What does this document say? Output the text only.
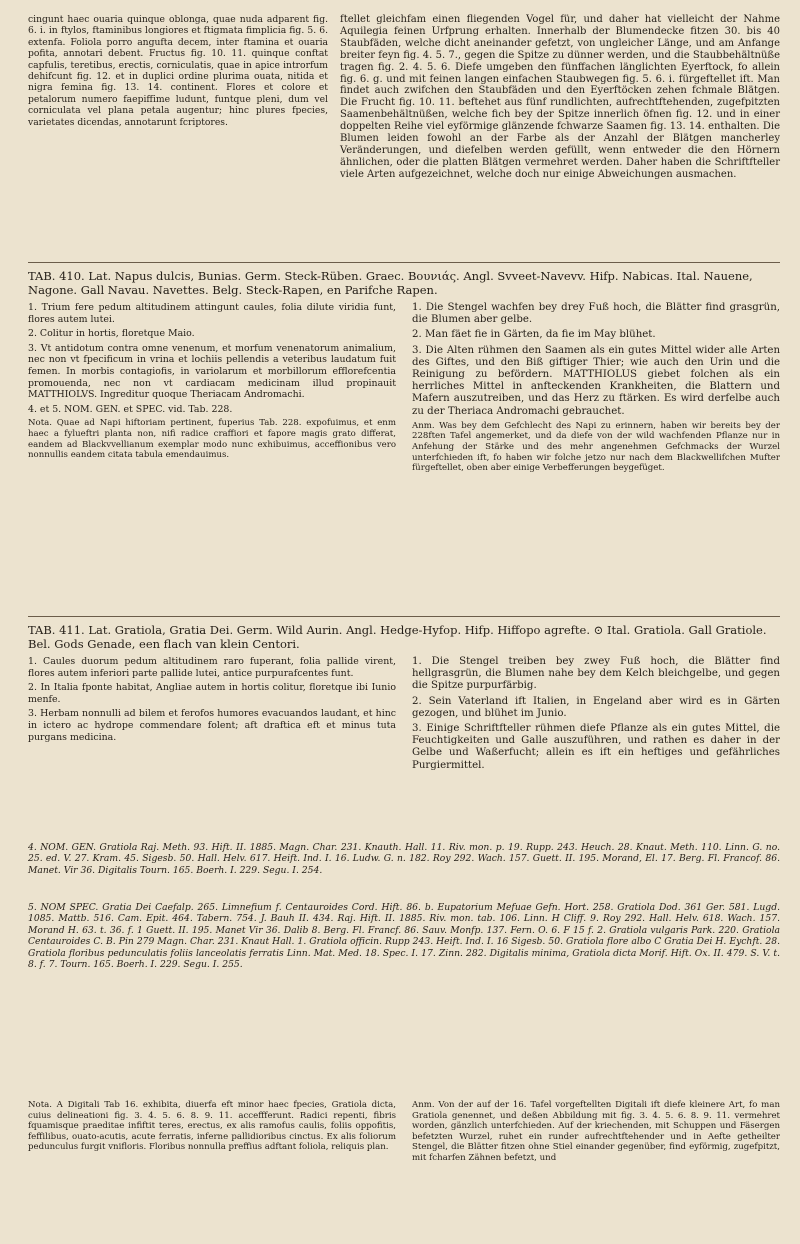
cingunt haec ouaria quinque oblonga, quae nuda adparent fig. 6. i. in ftylos, ftaminibus longiores et ftigmata fimplicia fig. 5. 6. extenfa. Foliola porro angufta decem, inter ftamina et ouaria pofita, annotari debent. Fructus fig. 10. 11. quinque conftat capfulis, teretibus, erectis, corniculatis, quae in apice introrfum dehifcunt fig. 12. et in duplici ordine plurima ouata, nitida et nigra femina fig. 13. 14. continent. Flores et colore et petalorum numero faepiffime ludunt, funtque pleni, dum vel corniculata vel plana petala augentur; hinc plures fpecies, varietates dicendas, annotarunt fcriptores.
ftellet gleichfam einen fliegenden Vogel für, und daher hat vielleicht der Nahme Aquilegia feinen Urfprung erhalten. Innerhalb der Blumendecke fitzen 30. bis 40 Staubfäden, welche dicht aneinander gefetzt, von ungleicher Länge, und am Anfange breiter feyn fig. 4. 5. 7., gegen die Spitze zu dünner werden, und die Staubbehältnüße tragen fig. 2. 4. 5. 6. Diefe umgeben den fünffachen länglichten Eyerftock, fo allein fig. 6. g. und mit feinen langen einfachen Staubwegen fig. 5. 6. i. fürgeftellet ift. Man findet auch zwifchen den Staubfäden und den Eyerftöcken zehen fchmale Blätgen. Die Frucht fig. 10. 11. beftehet aus fünf rundlichten, aufrechtftehenden, zugefpitzten Saamenbehältnüßen, welche fich bey der Spitze innerlich öfnen fig. 12. und in einer doppelten Reihe viel eyförmige glänzende fchwarze Saamen fig. 13. 14. enthalten. Die Blumen leiden fowohl an der Farbe als der Anzahl der Blätgen mancherley Veränderungen, und diefelben werden gefüllt, wenn entweder die den Hörnern ähnlichen, oder die platten Blätgen vermehret werden. Daher haben die Schriftfteller viele Arten aufgezeichnet, welche doch nur einige Abweichungen ausmachen.
TAB. 410. Lat. Napus dulcis, Bunias. Germ. Steck-Rüben. Graec. Βουνιάς. Angl. Svveet-Navevv. Hifp. Nabicas. Ital. Nauene, Nagone. Gall Navau. Navettes. Belg. Steck-Rapen, en Parifche Rapen.

1. Trium fere pedum altitudinem attingunt caules, folia dilute viridia funt, flores autem lutei.

2. Colitur in hortis, floretque Maio.

3. Vt antidotum contra omne venenum, et morfum venenatorum animalium, nec non vt fpecificum in vrina et lochiis pellendis a veteribus laudatum fuit femen. In morbis contagiofis, in variolarum et morbillorum efflorefcentia promouenda, nec non vt cardiacam medicinam illud propinauit MATTHIOLVS. Ingreditur quoque Theriacam Andromachi.

4. et 5. NOM. GEN. et SPEC. vid. Tab. 228.

Nota. Quae ad Napi hiftoriam pertinent, fuperius Tab. 228. expofuimus, et enm haec a fylueftri planta non, nifi radice craffiori et fapore magis grato differat, eandem ad Blackvvellianum exemplar modo nunc exhibuimus, acceffionibus vero nonnullis eandem citata tabula emendauimus.

1. Die Stengel wachfen bey drey Fuß hoch, die Blätter find grasgrün, die Blumen aber gelbe.

2. Man fäet fie in Gärten, da fie im May blühet.

3. Die Alten rühmen den Saamen als ein gutes Mittel wider alle Arten des Giftes, und den Biß giftiger Thier; wie auch den Urin und die Reinigung zu befördern. MATTHIOLUS giebet folchen als ein herrliches Mittel in anfteckenden Krankheiten, die Blattern und Mafern auszutreiben, und das Herz zu ftärken. Es wird derfelbe auch zu der Theriaca Andromachi gebrauchet.

Anm. Was bey dem Gefchlecht des Napi zu erinnern, haben wir bereits bey der 228ften Tafel angemerket, und da diefe von der wild wachfenden Pflanze nur in Anfehung der Stärke und des mehr angenehmen Gefchmacks der Wurzel unterfchieden ift, fo haben wir folche jetzo nur nach dem Blackwellifchen Mufter fürgeftellet, oben aber einige Verbefferungen beygefüget.

TAB. 411. Lat. Gratiola, Gratia Dei. Germ. Wild Aurin. Angl. Hedge-Hyfop. Hifp. Hiffopo agrefte. ⊙ Ital. Gratiola. Gall Gratiole. Bel. Gods Genade, een flach van klein Centori.

1. Caules duorum pedum altitudinem raro fuperant, folia pallide virent, flores autem inferiori parte pallide lutei, antice purpurafcentes funt.

2. In Italia fponte habitat, Angliae autem in hortis colitur, floretque ibi Iunio menfe.

3. Herbam nonnulli ad bilem et ferofos humores evacuandos laudant, et hinc in ictero ac hydrope commendare folent; aft draftica eft et minus tuta purgans medicina.

1. Die Stengel treiben bey zwey Fuß hoch, die Blätter find hellgrasgrün, die Blumen nahe bey dem Kelch bleichgelbe, und gegen die Spitze purpurfärbig.

2. Sein Vaterland ift Italien, in Engeland aber wird es in Gärten gezogen, und blühet im Junio.

3. Einige Schriftfteller rühmen diefe Pflanze als ein gutes Mittel, die Feuchtigkeiten und Galle auszuführen, und rathen es daher in der Gelbe und Waßerfucht; allein es ift ein heftiges und gefährliches Purgiermittel.

4. NOM. GEN. Gratiola Raj. Meth. 93. Hift. II. 1885. Magn. Char. 231. Knauth. Hall. 11. Riv. mon. p. 19. Rupp. 243. Heuch. 28. Knaut. Meth. 110. Linn. G. no. 25. ed. V. 27. Kram. 45. Sigesb. 50. Hall. Helv. 617. Heift. Ind. I. 16. Ludw. G. n. 182. Roy 292. Wach. 157. Guett. II. 195. Morand, El. 17. Berg. Fl. Francof. 86. Manet. Vir 36. Digitalis Tourn. 165. Boerh. I. 229. Segu. I. 254.
5. NOM SPEC. Gratia Dei Caefalp. 265. Limnefium f. Centauroides Cord. Hift. 86. b. Eupatorium Mefuae Gefn. Hort. 258. Gratiola Dod. 361 Ger. 581. Lugd. 1085. Mattb. 516. Cam. Epit. 464. Tabern. 754. J. Bauh II. 434. Raj. Hift. II. 1885. Riv. mon. tab. 106. Linn. H Cliff. 9. Roy 292. Hall. Helv. 618. Wach. 157. Morand H. 63. t. 36. f. 1 Guett. II. 195. Manet Vir 36. Dalib 8. Berg. Fl. Francf. 86. Sauv. Monfp. 137. Fern. O. 6. F 15 f. 2. Gratiola vulgaris Park. 220. Gratiola Centauroides C. B. Pin 279 Magn. Char. 231. Knaut Hall. 1. Gratiola officin. Rupp 243. Heift. Ind. I. 16 Sigesb. 50. Gratiola flore albo C Gratia Dei H. Eychft. 28. Gratiola floribus pedunculatis foliis lanceolatis ferratis Linn. Mat. Med. 18. Spec. I. 17. Zinn. 282. Digitalis minima, Gratiola dicta Morif. Hift. Ox. II. 479. S. V. t. 8. f. 7. Tourn. 165. Boerh. I. 229. Segu. I. 255.

Nota. A Digitali Tab 16. exhibita, diuerfa eft minor haec fpecies, Gratiola dicta, cuius delineationi fig. 3. 4. 5. 6. 8. 9. 11. acceffferunt. Radici repenti, fibris fquamisque praeditae infiftit teres, erectus, ex alis ramofus caulis, foliis oppofitis, feffilibus, ouato-acutis, acute ferratis, inferne pallidioribus cinctus. Ex alis foliorum pedunculus furgit vnifloris. Floribus nonnulla preffius adftant foliola, reliquis plan.

Anm. Von der auf der 16. Tafel vorgeftellten Digitali ift diefe kleinere Art, fo man Gratiola genennet, und deßen Abbildung mit fig. 3. 4. 5. 6. 8. 9. 11. vermehret worden, gänzlich unterfchieden. Auf der kriechenden, mit Schuppen und Fäsergen befetzten Wurzel, ruhet ein runder aufrechtftehender und in Aefte getheilter Stengel, die Blätter fitzen ohne Stiel einander gegenüber, find eyförmig, zugefpitzt, mit fcharfen Zähnen befetzt, und
